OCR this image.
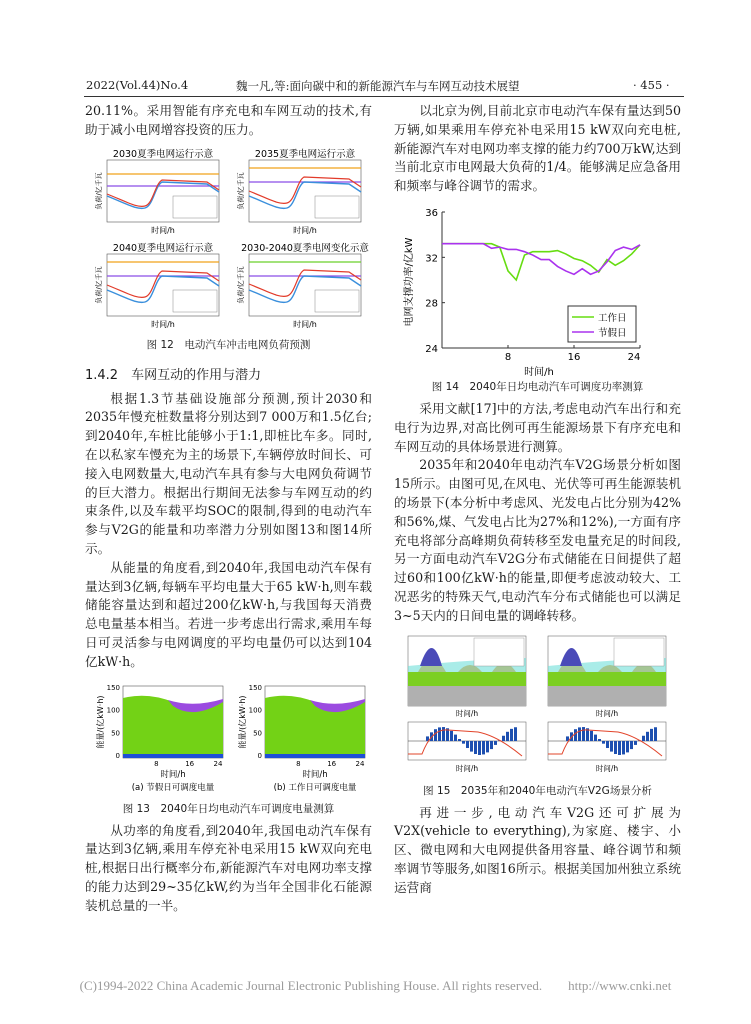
2022(Vol.44)No.4	魏一凡,等:面向碳中和的新能源汽车与车网互动技术展望	· 455 ·

20.11%。采用智能有序充电和车网互动的技术,有助于减小电网增容投资的压力。

2030夏季电网运行示意
时间/h
负荷/亿千瓦
2035夏季电网运行示意
时间/h
负荷/亿千瓦
2040夏季电网运行示意
时间/h
负荷/亿千瓦
2030-2040夏季电网变化示意
时间/h
负荷/亿千瓦
图 12　电动汽车冲击电网负荷预测
1.4.2　车网互动的作用与潜力

根据1.3节基础设施部分预测,预计2030和2035年慢充桩数量将分别达到7 000万和1.5亿台;到2040年,车桩比能够小于1:1,即桩比车多。同时,在以私家车慢充为主的场景下,车辆停放时间长、可接入电网数量大,电动汽车具有参与大电网负荷调节的巨大潜力。根据出行期间无法参与车网互动的约束条件,以及车载平均SOC的限制,得到的电动汽车参与V2G的能量和功率潜力分别如图13和图14所示。

从能量的角度看,到2040年,我国电动汽车保有量达到3亿辆,每辆车平均电量大于65 kW·h,则车载储能容量达到和超过200亿kW·h,与我国每天消费总电量基本相当。若进一步考虑出行需求,乘用车每日可灵活参与电网调度的平均电量仍可以达到104亿kW·h。

150
100
50
0
8	16	24
能量/(亿kW·h)
时间/h
(a) 节假日可调度电量
150
100
50
0
8	16	24
能量/(亿kW·h)
时间/h
(b) 工作日可调度电量
图 13　2040年日均电动汽车可调度电量测算

从功率的角度看,到2040年,我国电动汽车保有量达到3亿辆,乘用车停充补电采用15 kW双向充电桩,根据日出行概率分布,新能源汽车对电网功率支撑的能力达到29~35亿kW,约为当年全国非化石能源装机总量的一半。

以北京为例,目前北京市电动汽车保有量达到50万辆,如果乘用车停充补电采用15 kW双向充电桩,新能源汽车对电网功率支撑的能力约700万kW,达到当前北京市电网最大负荷的1/4。能够满足应急备用和频率与峰谷调节的需求。

电网支撑功率/亿kW
时间/h
24
28
32
36
8	16	24
工作日
节假日
图 14　2040年日均电动汽车可调度功率测算

采用文献[17]中的方法,考虑电动汽车出行和充电行为边界,对高比例可再生能源场景下有序充电和车网互动的具体场景进行测算。

2035年和2040年电动汽车V2G场景分析如图15所示。由图可见,在风电、光伏等可再生能源装机的场景下(本分析中考虑风、光发电占比分别为42%和56%,煤、气发电占比为27%和12%),一方面有序充电将部分高峰期负荷转移至发电量充足的时间段,另一方面电动汽车V2G分布式储能在日间提供了超过60和100亿kW·h的能量,即便考虑波动较大、工况恶劣的特殊天气,电动汽车分布式储能也可以满足3~5天内的日间电量的调峰转移。

时间/h
时间/h
时间/h
时间/h
图 15　2035年和2040年电动汽车V2G场景分析

再进一步,电动汽车V2G还可扩展为V2X(vehicle to everything),为家庭、楼宇、小区、微电网和大电网提供备用容量、峰谷调节和频率调节等服务,如图16所示。根据美国加州独立系统运营商

(C)1994-2022 China Academic Journal Electronic Publishing House. All rights reserved.　　http://www.cnki.net
